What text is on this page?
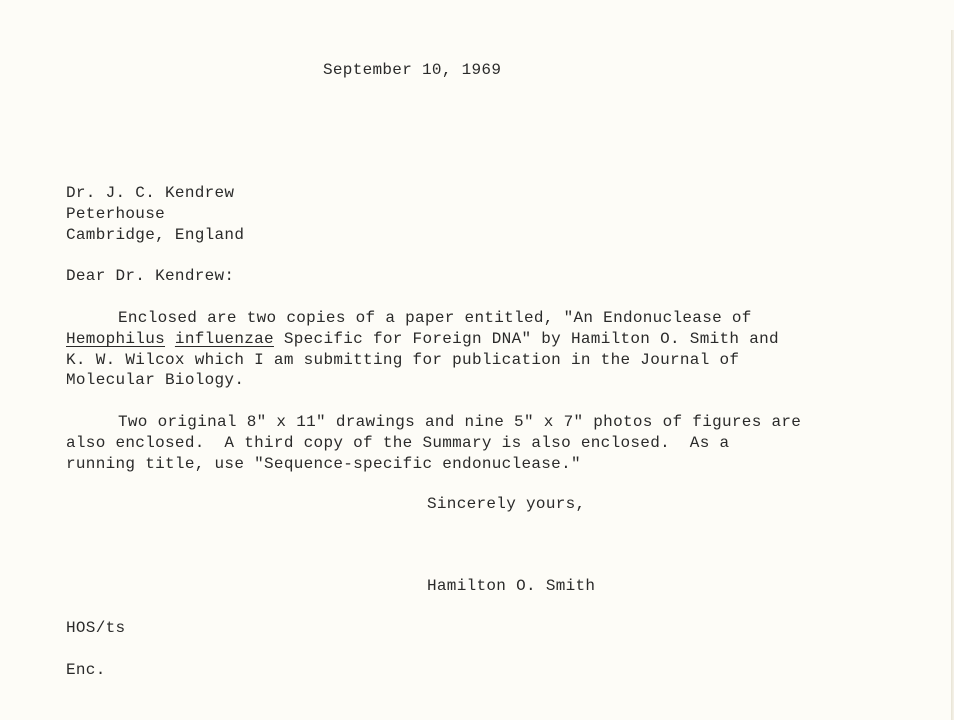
September 10, 1969

Dr. J. C. Kendrew

Peterhouse

Cambridge, England

Dear Dr. Kendrew:

Enclosed are two copies of a paper entitled, "An Endonuclease of

Hemophilus influenzae Specific for Foreign DNA" by Hamilton O. Smith and

K. W. Wilcox which I am submitting for publication in the Journal of

Molecular Biology.

Two original 8" x 11" drawings and nine 5" x 7" photos of figures are

also enclosed.  A third copy of the Summary is also enclosed.  As a

running title, use "Sequence-specific endonuclease."

Sincerely yours,

Hamilton O. Smith

HOS/ts

Enc.
